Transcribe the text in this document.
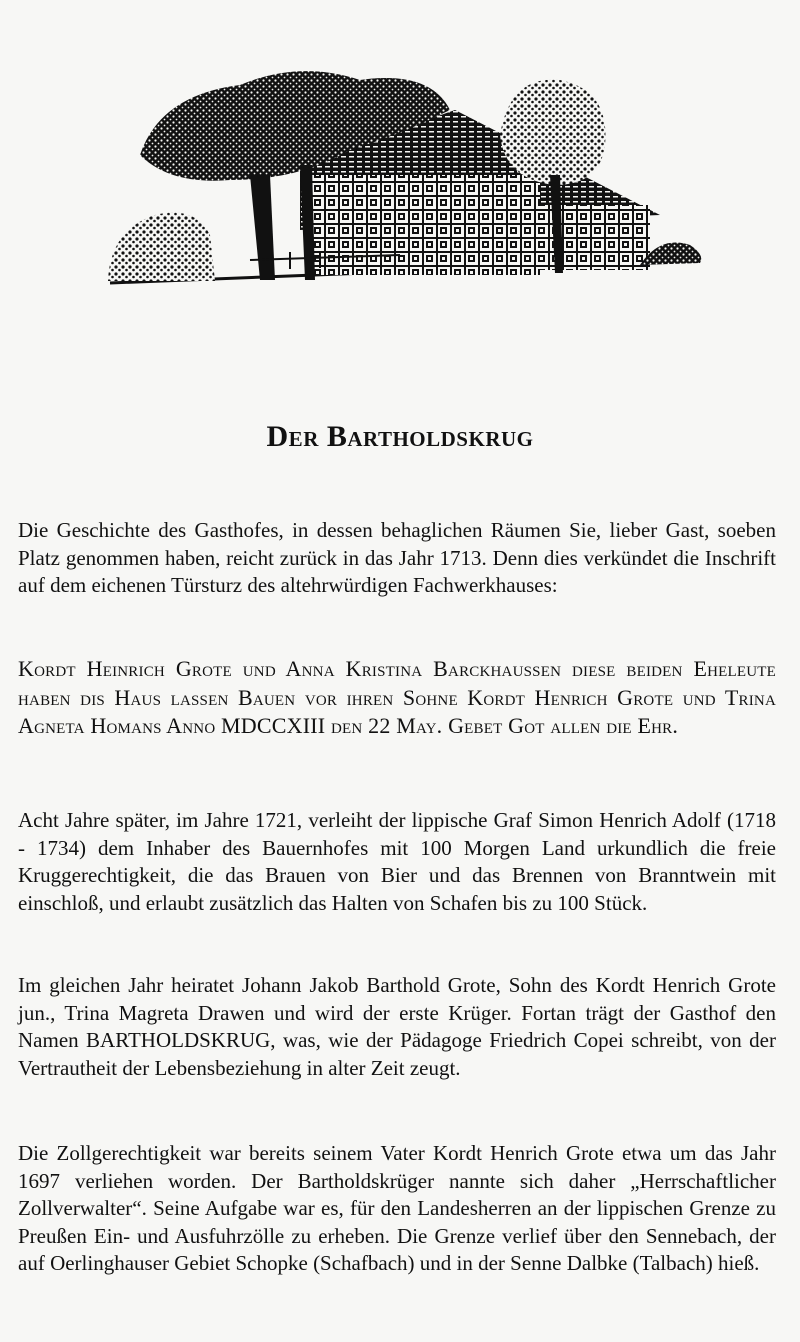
Der Bartholdskrug

Die Geschichte des Gasthofes, in dessen behaglichen Räumen Sie, lieber Gast, soeben Platz genommen haben, reicht zurück in das Jahr 1713. Denn dies verkündet die Inschrift auf dem eichenen Türsturz des altehrwürdigen Fachwerkhauses:

Kordt Heinrich Grote und Anna Kristina Barckhaussen diese beiden Eheleute haben dis Haus lassen Bauen vor ihren Sohne Kordt Henrich Grote und Trina Agneta Homans Anno MDCCXIII den 22 May. Gebet Got allen die Ehr.

Acht Jahre später, im Jahre 1721, verleiht der lippische Graf Simon Henrich Adolf (1718 - 1734) dem Inhaber des Bauernhofes mit 100 Morgen Land urkundlich die freie Kruggerechtigkeit, die das Brauen von Bier und das Brennen von Branntwein mit einschloß, und erlaubt zusätzlich das Halten von Schafen bis zu 100 Stück.

Im gleichen Jahr heiratet Johann Jakob Barthold Grote, Sohn des Kordt Henrich Grote jun., Trina Magreta Drawen und wird der erste Krüger. Fortan trägt der Gasthof den Namen BARTHOLDSKRUG, was, wie der Pädagoge Friedrich Copei schreibt, von der Vertrautheit der Lebensbeziehung in alter Zeit zeugt.

Die Zollgerechtigkeit war bereits seinem Vater Kordt Henrich Grote etwa um das Jahr 1697 verliehen worden. Der Bartholdskrüger nannte sich daher „Herrschaftlicher Zollverwalter“. Seine Aufgabe war es, für den Landesherren an der lippischen Grenze zu Preußen Ein- und Ausfuhrzölle zu erheben. Die Grenze verlief über den Sennebach, der auf Oerlinghauser Gebiet Schopke (Schafbach) und in der Senne Dalbke (Talbach) hieß.
